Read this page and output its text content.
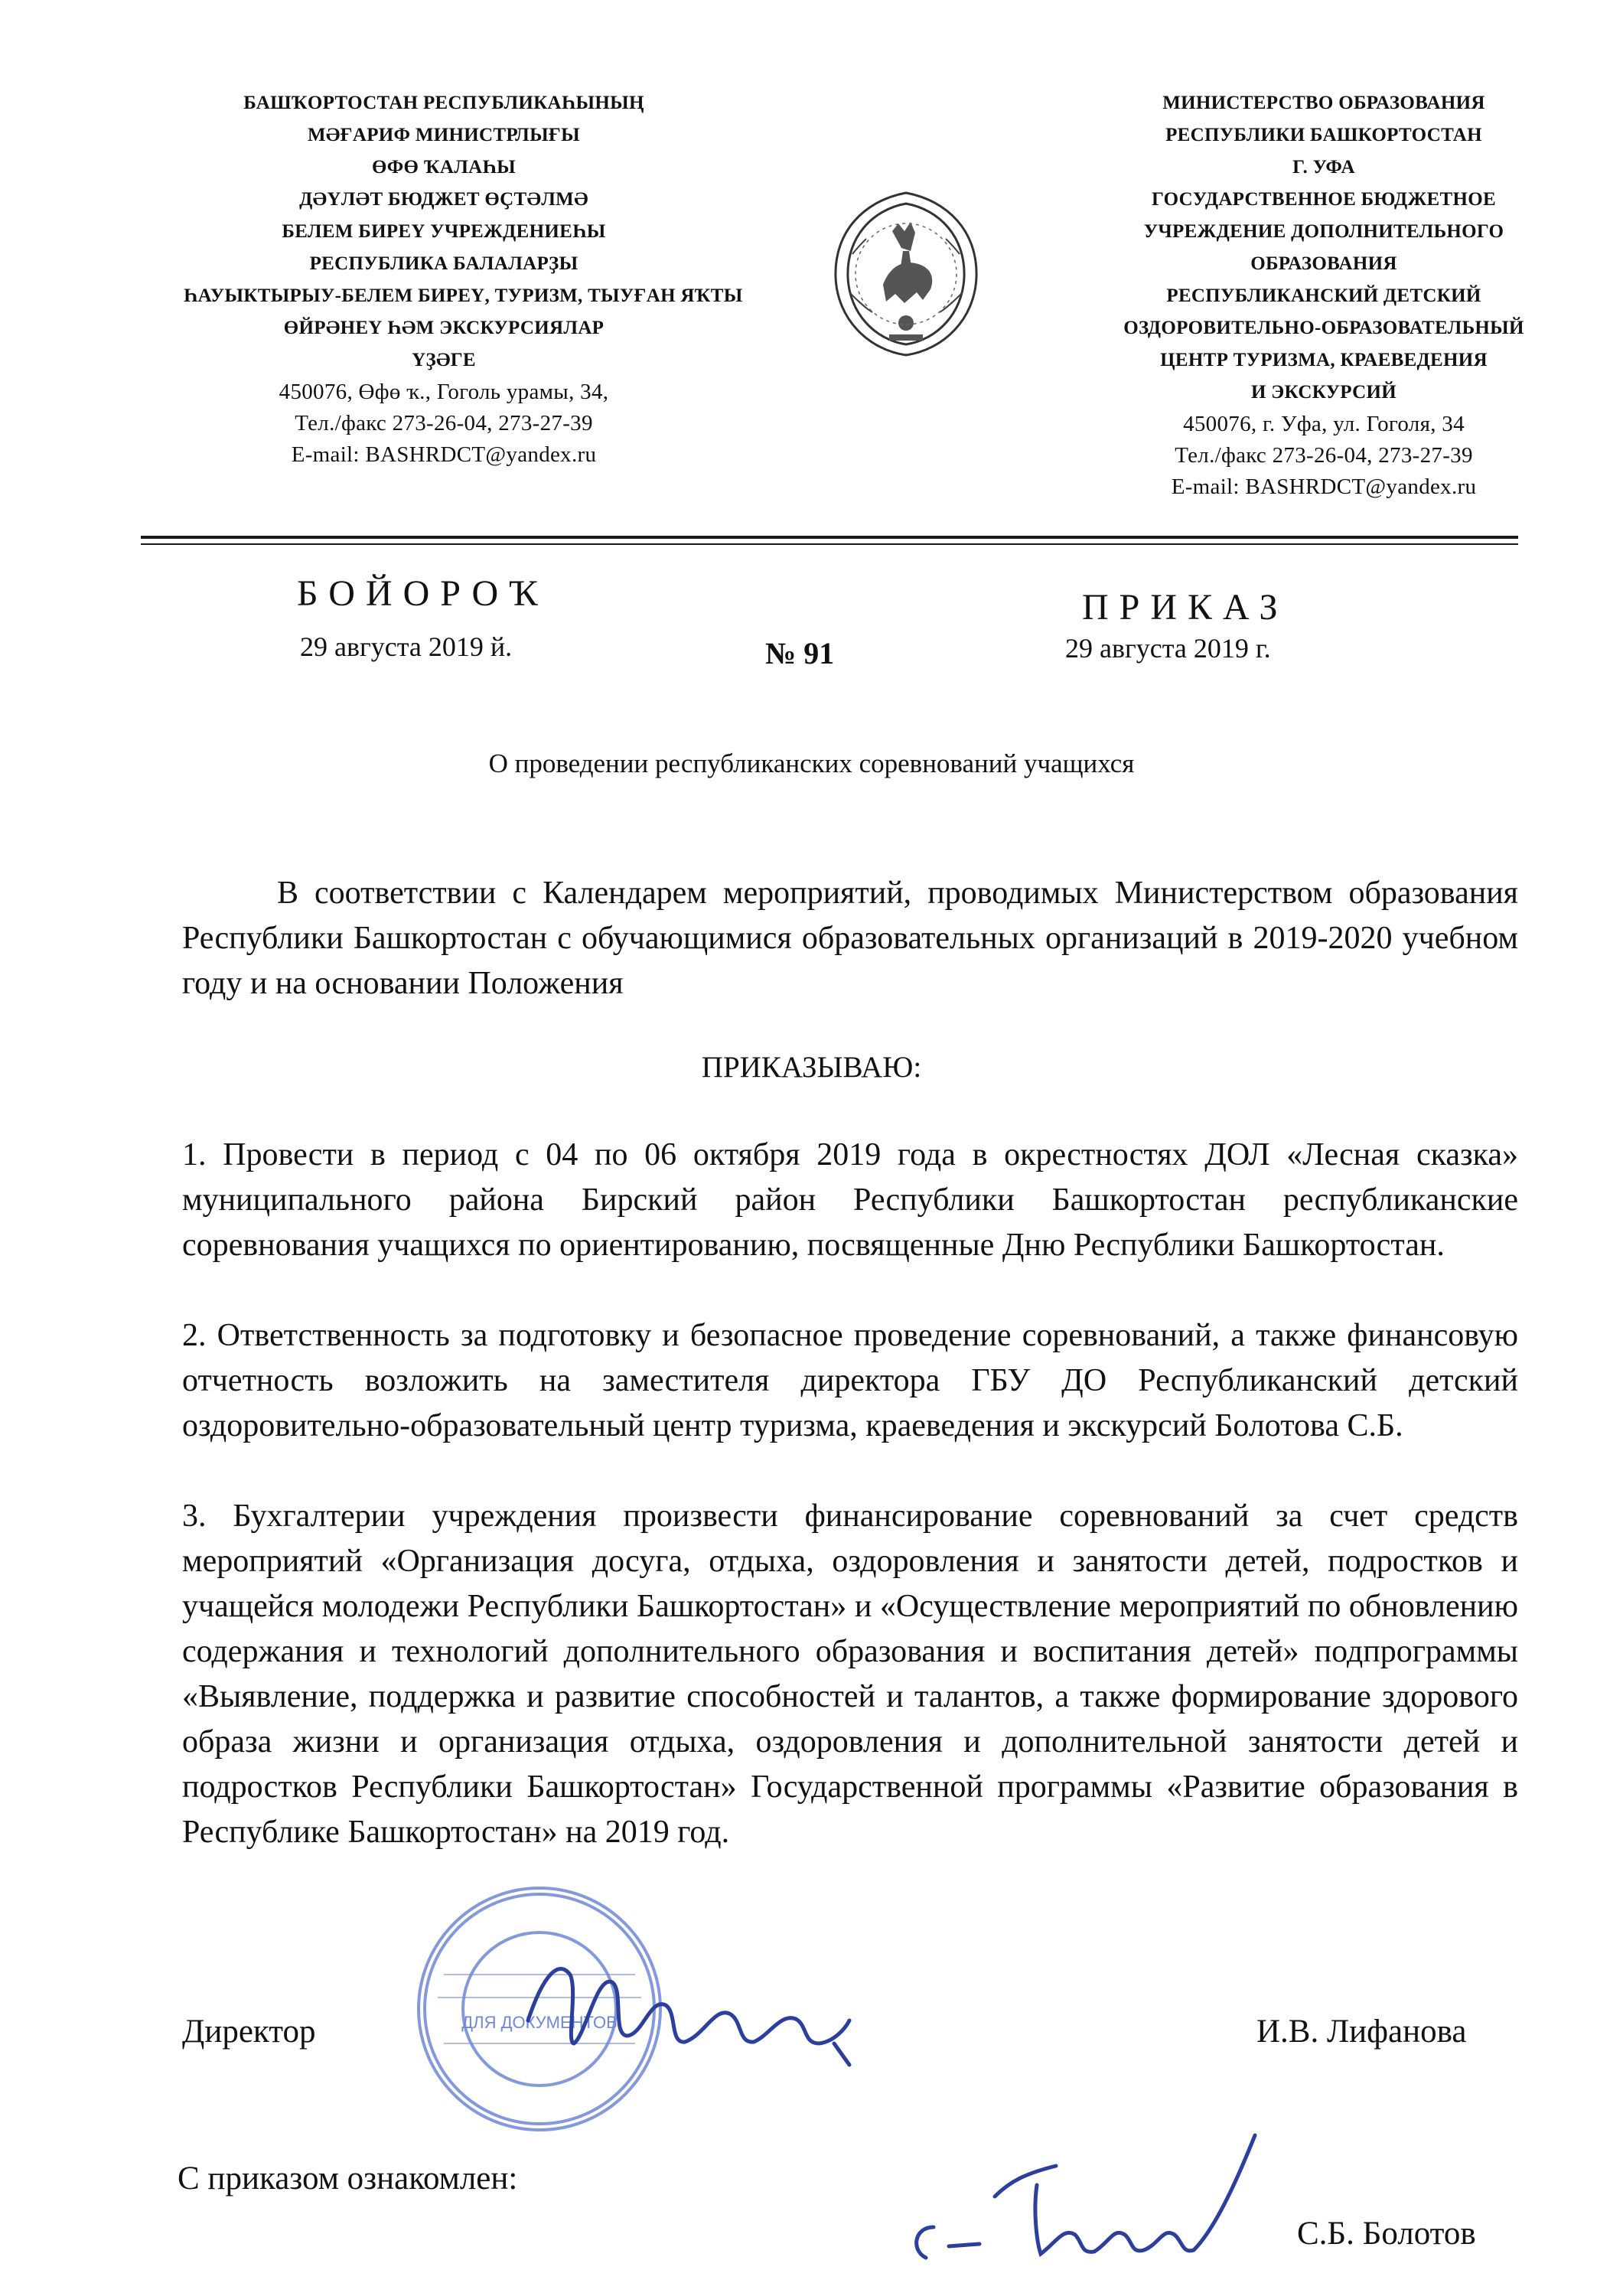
БАШҠОРТОСТАН РЕСПУБЛИКАҺЫНЫҢ
МӘҒАРИФ МИНИСТРЛЫҒЫ
ӨФӨ ҠАЛАҺЫ
ДӘҮЛӘТ БЮДЖЕТ ӨҪТӘЛМӘ
БЕЛЕМ БИРЕҮ УЧРЕЖДЕНИЕҺЫ
РЕСПУБЛИКА БАЛАЛАРҘЫ
ҺАУЫКТЫРЫУ-БЕЛЕМ БИРЕҮ, ТУРИЗМ, ТЫУҒАН ЯҠТЫ
ӨЙРӘНЕҮ ҺӘМ ЭКСКУРСИЯЛАР
ҮҘӘГЕ
450076, Өфө ҡ., Гоголь урамы, 34,
Тел./факс 273-26-04, 273-27-39
E-mail: BASHRDCT@yandex.ru
МИНИСТЕРСТВО ОБРАЗОВАНИЯ
РЕСПУБЛИКИ БАШКОРТОСТАН
Г. УФА
ГОСУДАРСТВЕННОЕ БЮДЖЕТНОЕ
УЧРЕЖДЕНИЕ ДОПОЛНИТЕЛЬНОГО
ОБРАЗОВАНИЯ
РЕСПУБЛИКАНСКИЙ ДЕТСКИЙ
ОЗДОРОВИТЕЛЬНО-ОБРАЗОВАТЕЛЬНЫЙ
ЦЕНТР ТУРИЗМА, КРАЕВЕДЕНИЯ
И ЭКСКУРСИЙ
450076, г. Уфа, ул. Гоголя, 34
Тел./факс 273-26-04, 273-27-39
E-mail: BASHRDCT@yandex.ru
БОЙОРОҠ
29 августа 2019 й.	№ 91
ПРИКАЗ
29 августа 2019 г.
О проведении республиканских соревнований учащихся
В соответствии с Календарем мероприятий, проводимых Министерством образования Республики Башкортостан с обучающимися образовательных организаций в 2019-2020 учебном году и на основании Положения
ПРИКАЗЫВАЮ:
1. Провести в период с 04 по 06 октября 2019 года в окрестностях ДОЛ «Лесная сказка» муниципального района Бирский район Республики Башкортостан республиканские соревнования учащихся по ориентированию, посвященные Дню Республики Башкортостан.
2. Ответственность за подготовку и безопасное проведение соревнований, а также финансовую отчетность возложить на заместителя директора ГБУ ДО Республиканский детский оздоровительно-образовательный центр туризма, краеведения и экскурсий Болотова С.Б.
3. Бухгалтерии учреждения произвести финансирование соревнований за счет средств мероприятий «Организация досуга, отдыха, оздоровления и занятости детей, подростков и учащейся молодежи Республики Башкортостан» и «Осуществление мероприятий по обновлению содержания и технологий дополнительного образования и воспитания детей» подпрограммы «Выявление, поддержка и развитие способностей и талантов, а также формирование здорового образа жизни и организация отдыха, оздоровления и дополнительной занятости детей и подростков Республики Башкортостан» Государственной программы «Развитие образования в Республике Башкортостан» на 2019 год.
ДЛЯ ДОКУМЕНТОВ
Директор	И.В. Лифанова
С приказом ознакомлен:
С.Б. Болотов
